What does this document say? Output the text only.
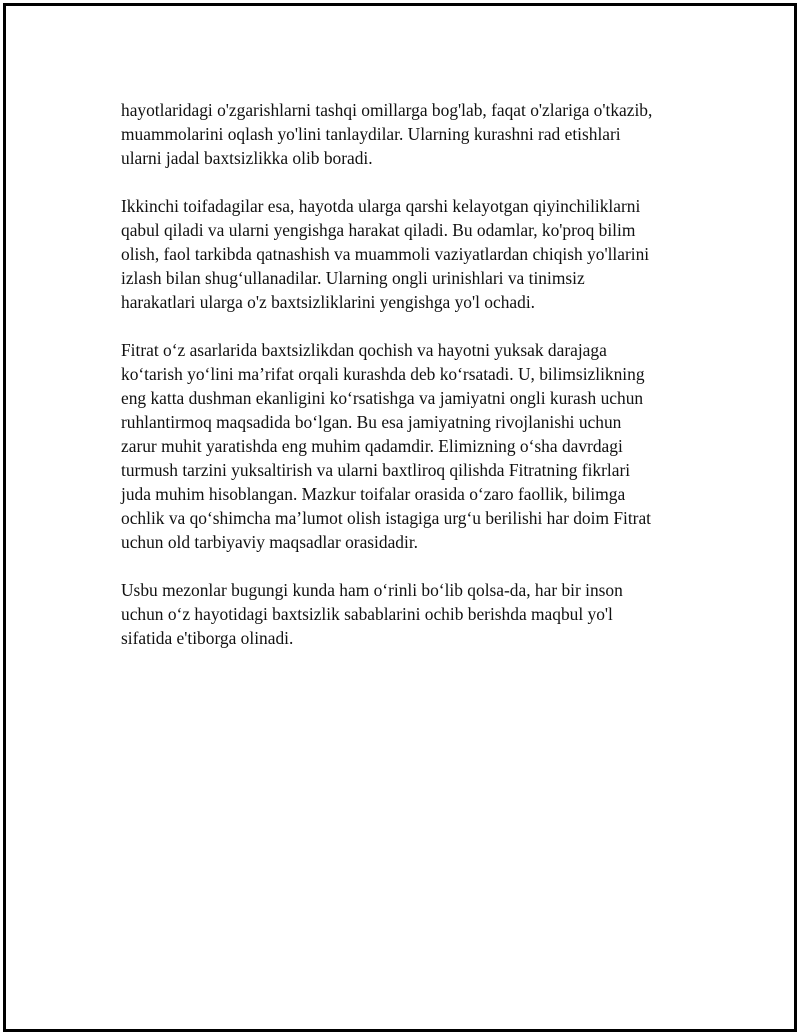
hayotlaridagi o'zgarishlarni tashqi omillarga bog'lab, faqat o'zlariga o'tkazib,
muammolarini oqlash yo'lini tanlaydilar. Ularning kurashni rad etishlari
ularni jadal baxtsizlikka olib boradi.

Ikkinchi toifadagilar esa, hayotda ularga qarshi kelayotgan qiyinchiliklarni
qabul qiladi va ularni yengishga harakat qiladi. Bu odamlar, ko'proq bilim
olish, faol tarkibda qatnashish va muammoli vaziyatlardan chiqish yo'llarini
izlash bilan shug‘ullanadilar. Ularning ongli urinishlari va tinimsiz
harakatlari ularga o'z baxtsizliklarini yengishga yo'l ochadi.

Fitrat o‘z asarlarida baxtsizlikdan qochish va hayotni yuksak darajaga
ko‘tarish yo‘lini ma’rifat orqali kurashda deb ko‘rsatadi. U, bilimsizlikning
eng katta dushman ekanligini ko‘rsatishga va jamiyatni ongli kurash uchun
ruhlantirmoq maqsadida bo‘lgan. Bu esa jamiyatning rivojlanishi uchun
zarur muhit yaratishda eng muhim qadamdir. Elimizning o‘sha davrdagi
turmush tarzini yuksaltirish va ularni baxtliroq qilishda Fitratning fikrlari
juda muhim hisoblangan. Mazkur toifalar orasida o‘zaro faollik, bilimga
ochlik va qo‘shimcha ma’lumot olish istagiga urg‘u berilishi har doim Fitrat
uchun old tarbiyaviy maqsadlar orasidadir.

Usbu mezonlar bugungi kunda ham o‘rinli bo‘lib qolsa-da, har bir inson
uchun o‘z hayotidagi baxtsizlik sabablarini ochib berishda maqbul yo'l
sifatida e'tiborga olinadi.
